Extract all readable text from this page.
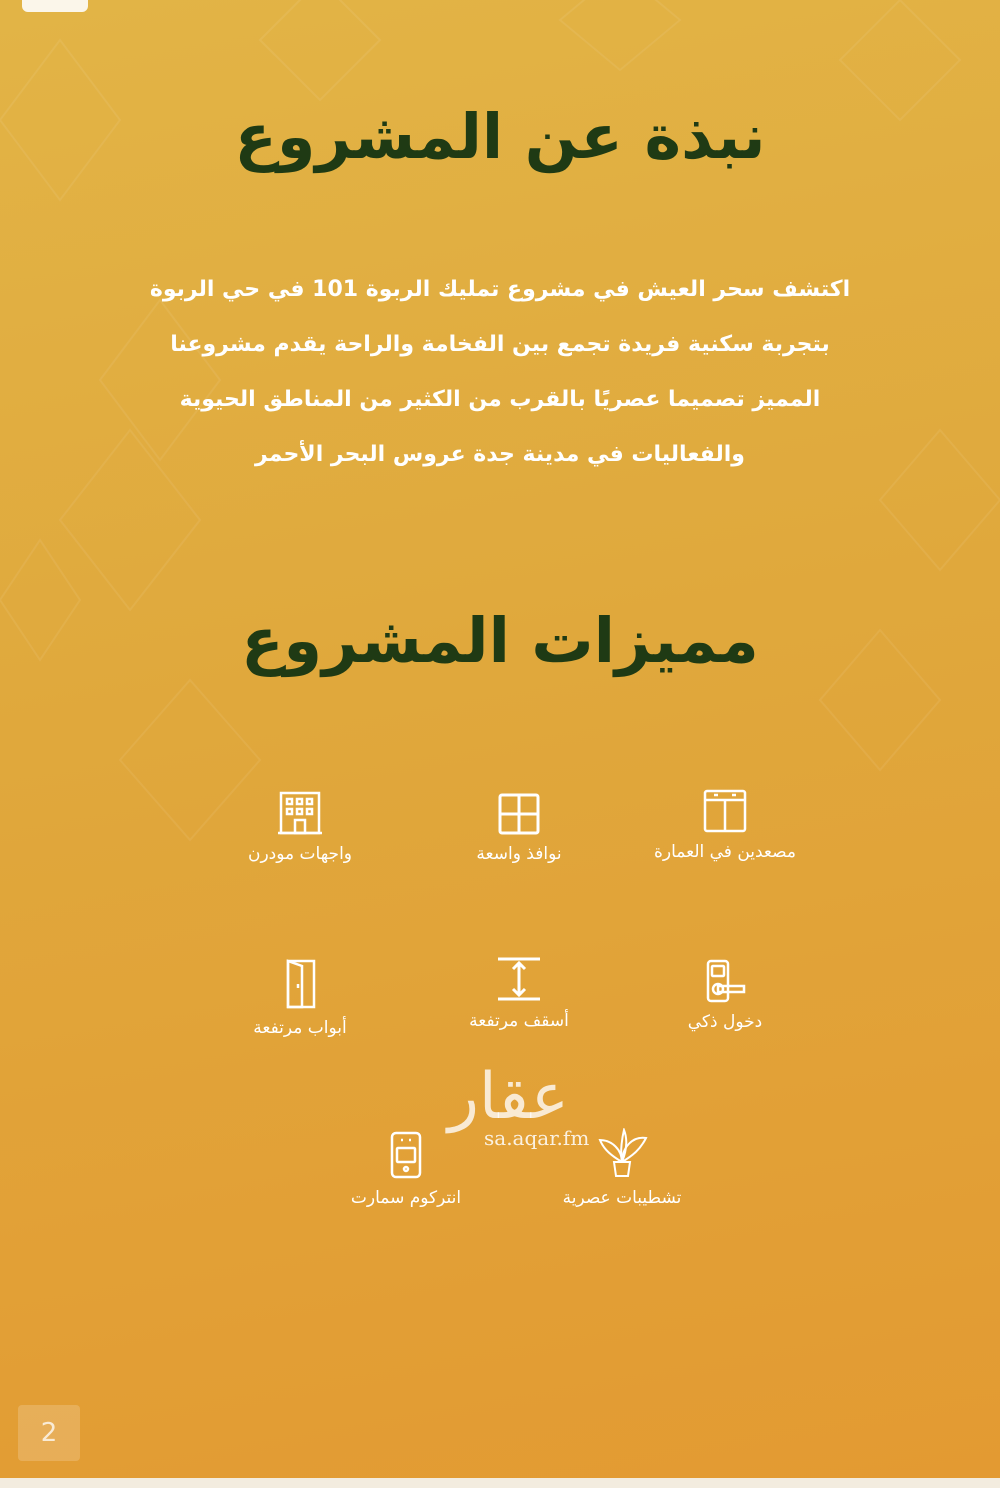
نبذة عن المشروع

اكتشف سحر العيش في مشروع تمليك الربوة 101 في حي الربوة
بتجربة سكنية فريدة تجمع بين الفخامة والراحة يقدم مشروعنا
المميز تصميما عصريًا بالقرب من الكثير من المناطق الحيوية
والفعاليات في مدينة جدة عروس البحر الأحمر

مميزات المشروع
مصعدين في العمارة
نوافذ واسعة
واجهات مودرن
دخول ذكي
أسقف مرتفعة
أبواب مرتفعة
تشطيبات عصرية
انتركوم سمارت
عقار
sa.aqar.fm
2
